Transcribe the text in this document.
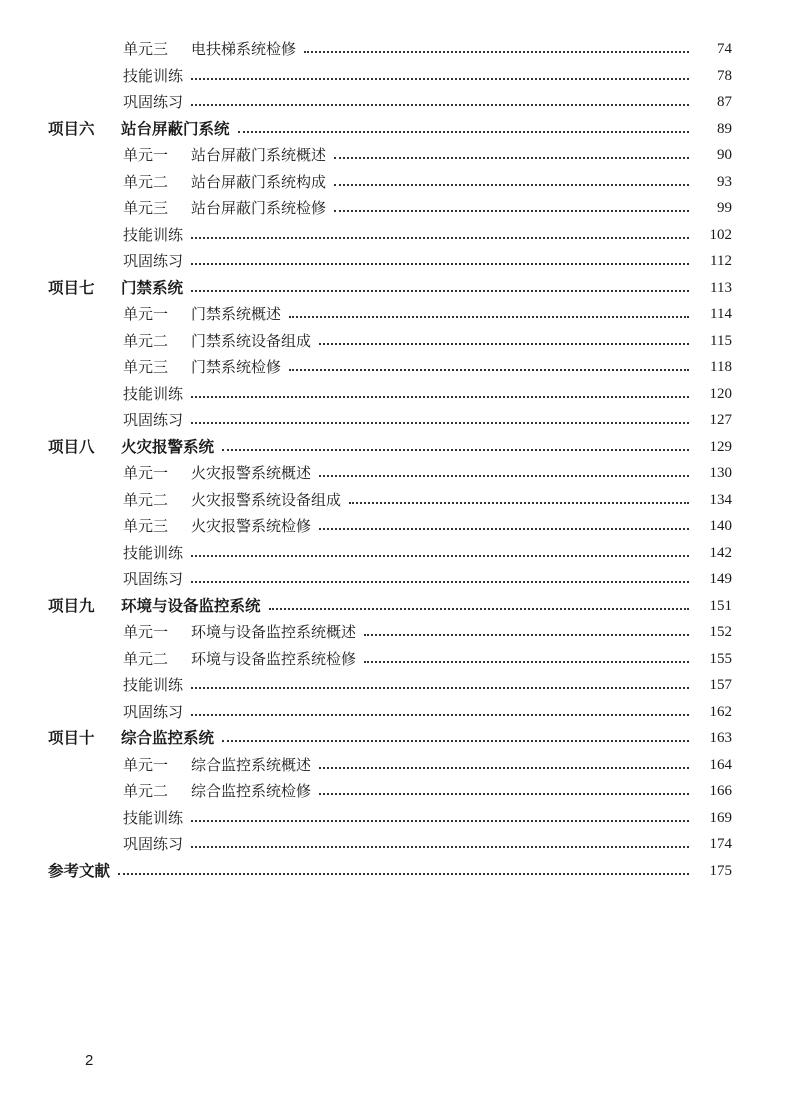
单元三	电扶梯系统检修	74
技能训练	78
巩固练习	87
项目六	站台屏蔽门系统	89
单元一	站台屏蔽门系统概述	90
单元二	站台屏蔽门系统构成	93
单元三	站台屏蔽门系统检修	99
技能训练	102
巩固练习	112
项目七	门禁系统	113
单元一	门禁系统概述	114
单元二	门禁系统设备组成	115
单元三	门禁系统检修	118
技能训练	120
巩固练习	127
项目八	火灾报警系统	129
单元一	火灾报警系统概述	130
单元二	火灾报警系统设备组成	134
单元三	火灾报警系统检修	140
技能训练	142
巩固练习	149
项目九	环境与设备监控系统	151
单元一	环境与设备监控系统概述	152
单元二	环境与设备监控系统检修	155
技能训练	157
巩固练习	162
项目十	综合监控系统	163
单元一	综合监控系统概述	164
单元二	综合监控系统检修	166
技能训练	169
巩固练习	174
参考文献	175
2
